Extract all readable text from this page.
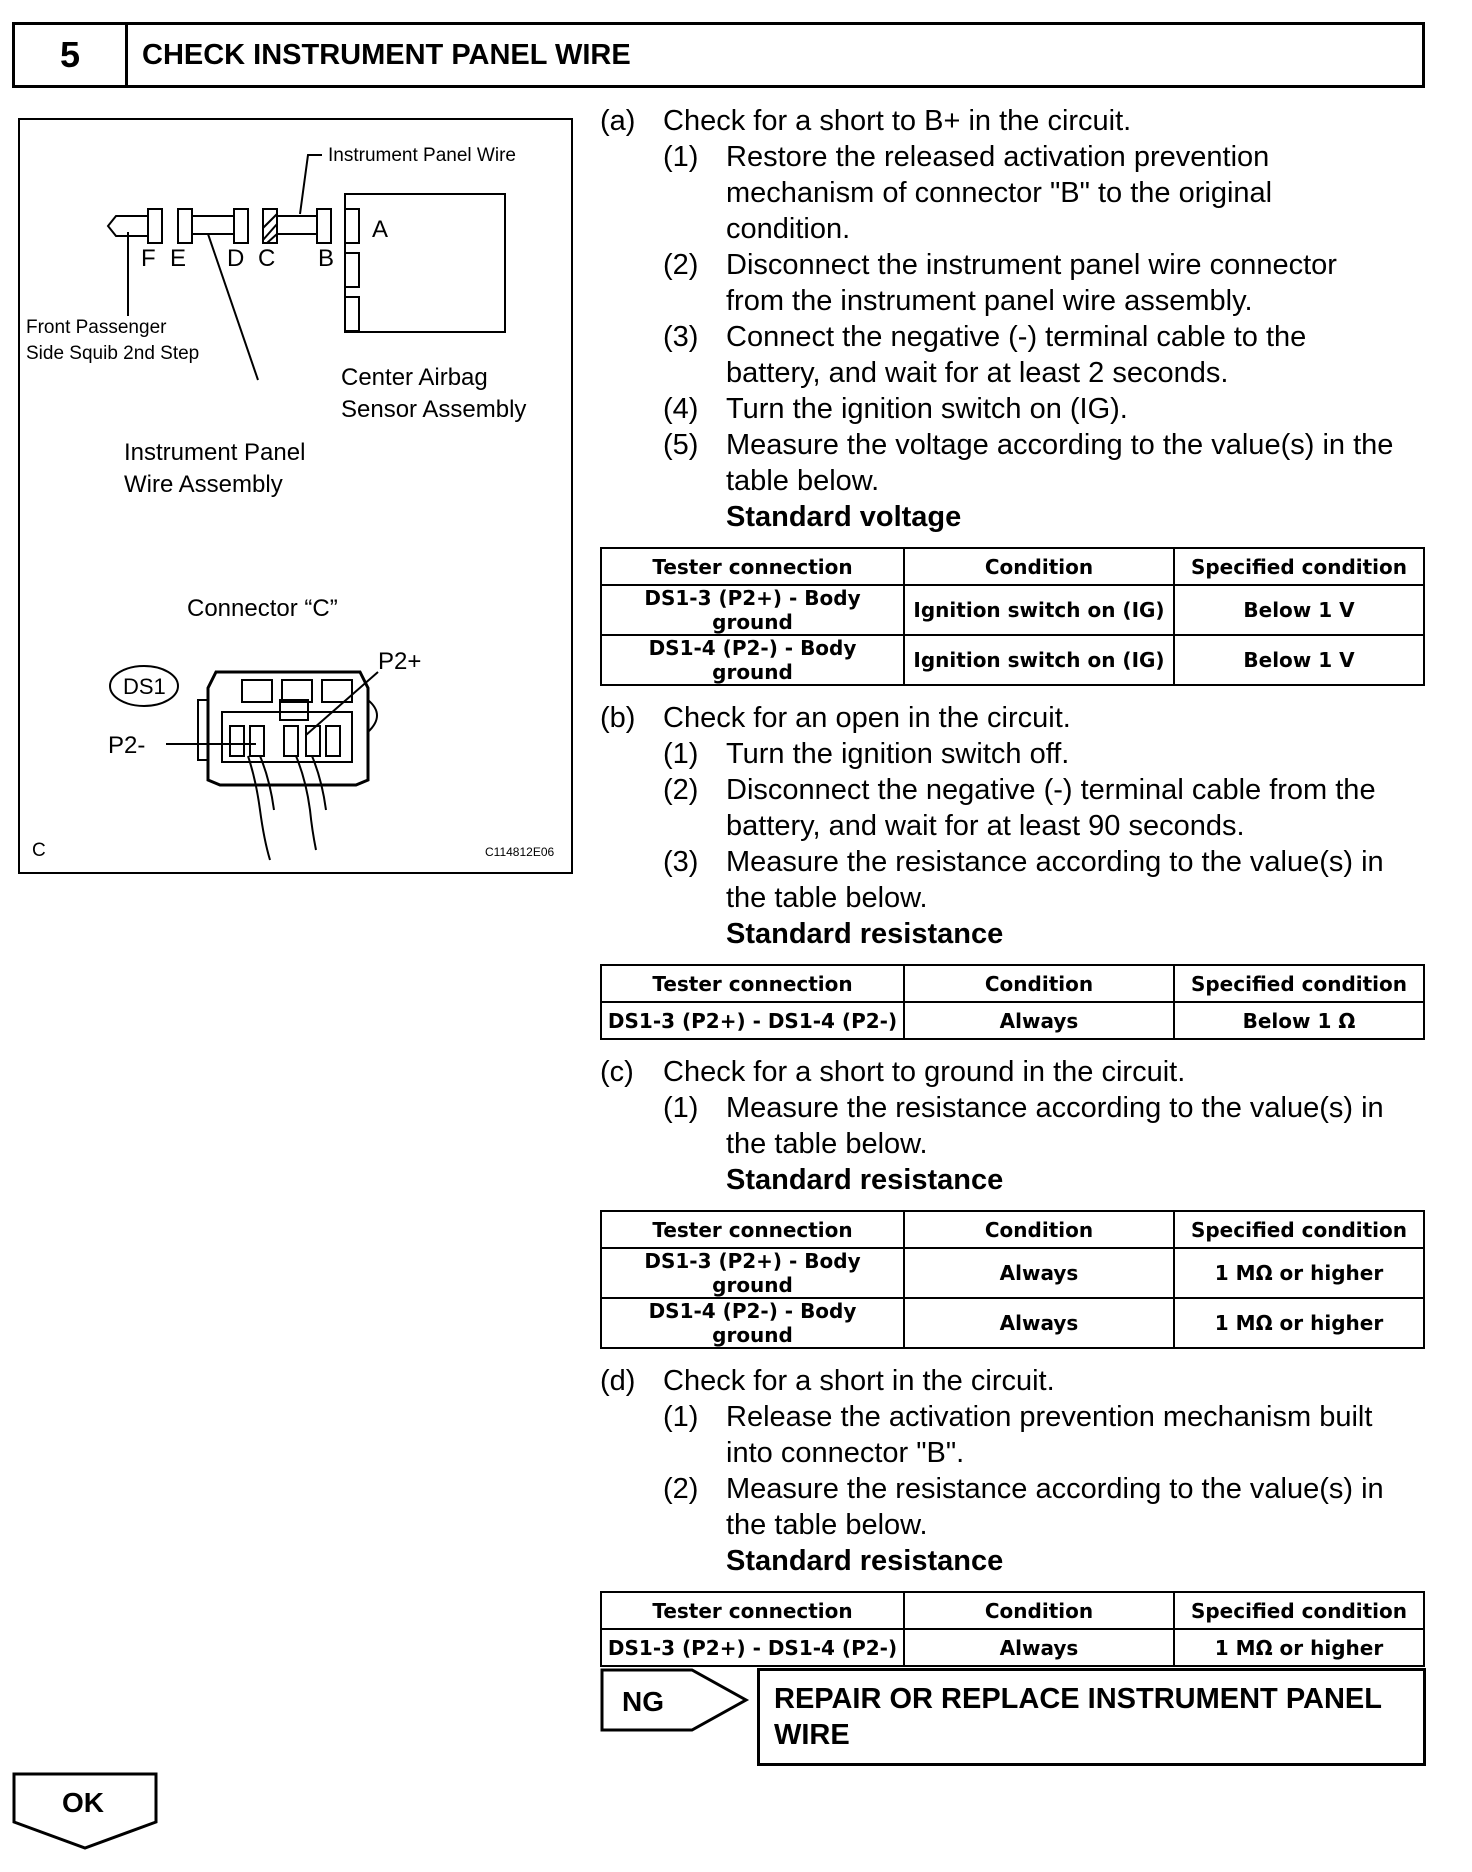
5	CHECK INSTRUMENT PANEL WIRE
Instrument Panel Wire
F E D C B
A
Front Passenger
Side Squib 2nd Step
Center Airbag
Sensor Assembly
Instrument Panel
Wire Assembly
Connector “C”
DS1
P2+
P2-
C	C114812E06
(a) Check for a short to B+ in the circuit.
(1) Restore the released activation prevention
mechanism of connector "B" to the original
condition.
(2) Disconnect the instrument panel wire connector
from the instrument panel wire assembly.
(3) Connect the negative (-) terminal cable to the
battery, and wait for at least 2 seconds.
(4) Turn the ignition switch on (IG).
(5) Measure the voltage according to the value(s) in the
table below.
Standard voltage
Tester connection	Condition	Specified condition
DS1-3 (P2+) - Body ground	Ignition switch on (IG)	Below 1 V
DS1-4 (P2-) - Body ground	Ignition switch on (IG)	Below 1 V
(b) Check for an open in the circuit.
(1) Turn the ignition switch off.
(2) Disconnect the negative (-) terminal cable from the
battery, and wait for at least 90 seconds.
(3) Measure the resistance according to the value(s) in
the table below.
Standard resistance
Tester connection	Condition	Specified condition
DS1-3 (P2+) - DS1-4 (P2-)	Always	Below 1 Ω
(c) Check for a short to ground in the circuit.
(1) Measure the resistance according to the value(s) in
the table below.
Standard resistance
Tester connection	Condition	Specified condition
DS1-3 (P2+) - Body ground	Always	1 MΩ or higher
DS1-4 (P2-) - Body ground	Always	1 MΩ or higher
(d) Check for a short in the circuit.
(1) Release the activation prevention mechanism built
into connector "B".
(2) Measure the resistance according to the value(s) in
the table below.
Standard resistance
Tester connection	Condition	Specified condition
DS1-3 (P2+) - DS1-4 (P2-)	Always	1 MΩ or higher
NG	REPAIR OR REPLACE INSTRUMENT PANEL
WIRE
OK
